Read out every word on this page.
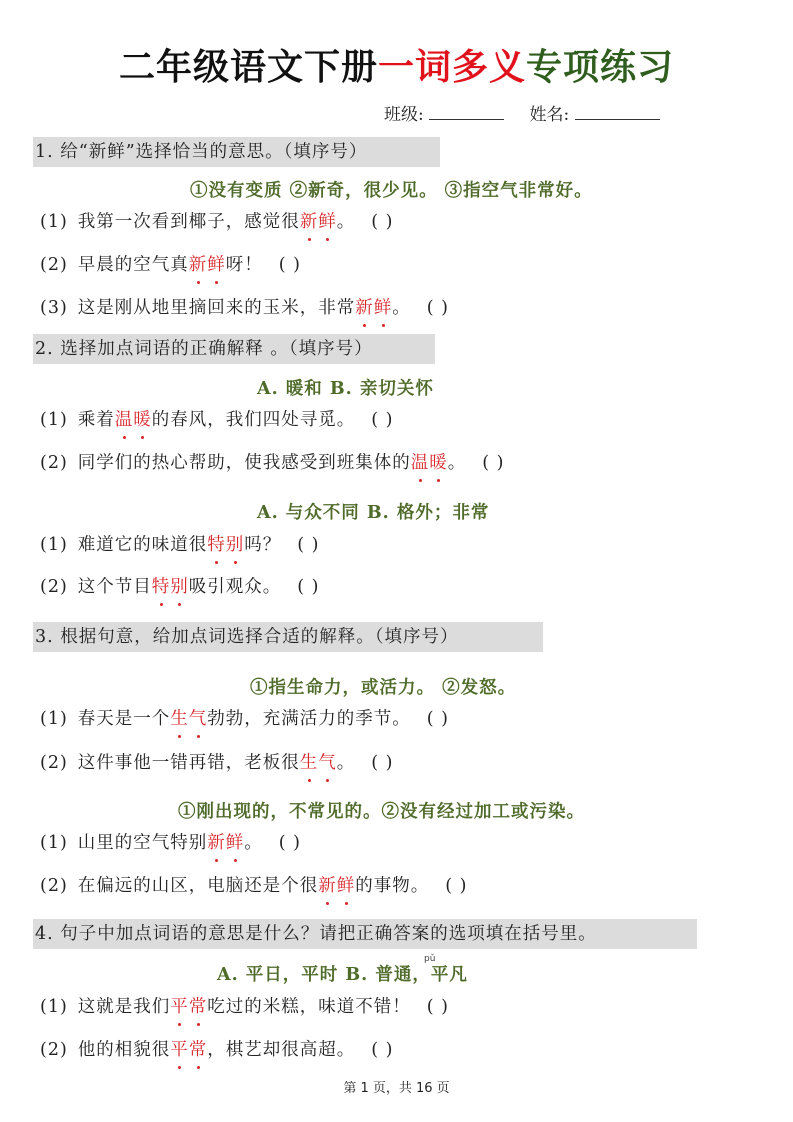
二年级语文下册一词多义专项练习
班级:	姓名:
1. 给“新鲜”选择恰当的意思。（填序号）
①没有变质 ②新奇，很少见。 ③指空气非常好。
(1) 我第一次看到椰子，感觉很新鲜。 ( )
(2) 早晨的空气真新鲜呀！ ( )
(3) 这是刚从地里摘回来的玉米，非常新鲜。 ( )
2. 选择加点词语的正确解释 。（填序号）
A. 暖和 B. 亲切关怀
(1) 乘着温暖的春风，我们四处寻觅。 ( )
(2) 同学们的热心帮助，使我感受到班集体的温暖。 ( )
A. 与众不同 B. 格外；非常
(1) 难道它的味道很特别吗？ ( )
(2) 这个节目特别吸引观众。 ( )
3. 根据句意，给加点词选择合适的解释。（填序号）
①指生命力，或活力。 ②发怒。
(1) 春天是一个生气勃勃，充满活力的季节。 ( )
(2) 这件事他一错再错，老板很生气。 ( )
①刚出现的，不常见的。②没有经过加工或污染。
(1) 山里的空气特别新鲜。 ( )
(2) 在偏远的山区，电脑还是个很新鲜的事物。 ( )
4. 句子中加点词语的意思是什么？请把正确答案的选项填在括号里。
pǔ
A. 平日，平时 B. 普通，平凡
(1) 这就是我们平常吃过的米糕，味道不错！ ( )
(2) 他的相貌很平常，棋艺却很高超。 ( )
第 1 页，共 16 页
